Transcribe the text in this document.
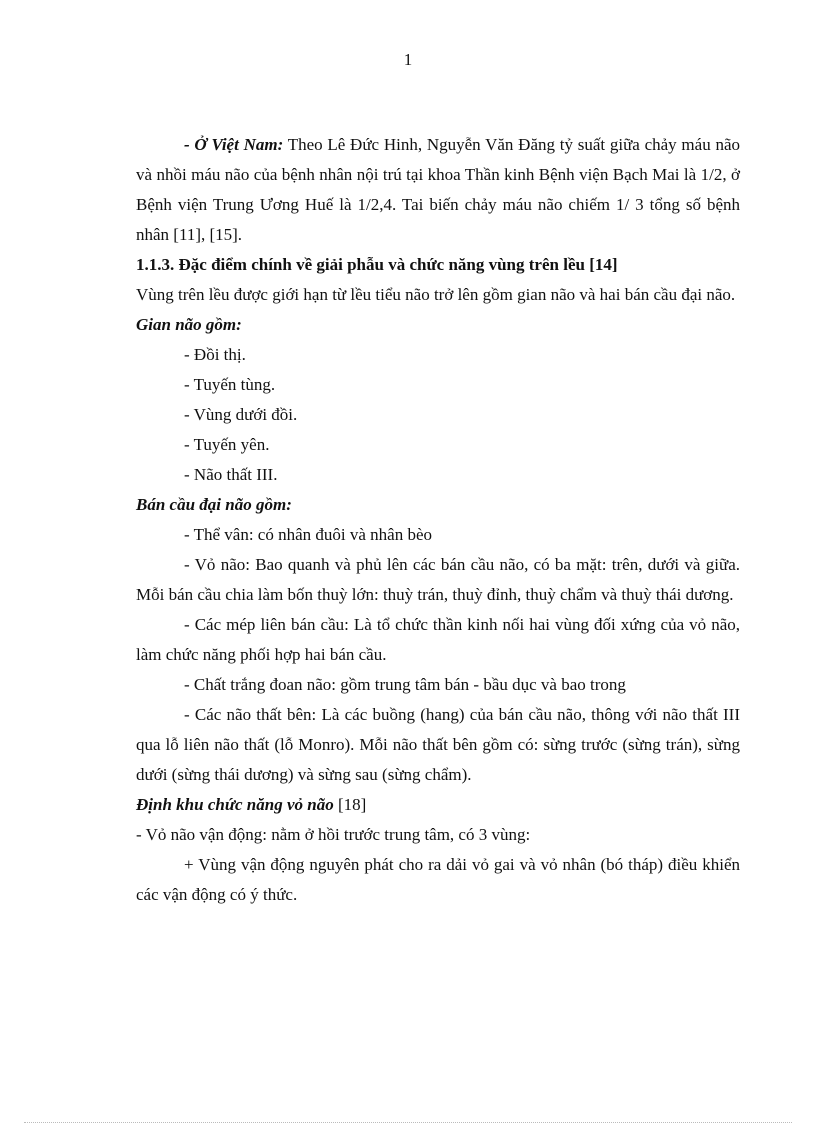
1

- Ở Việt Nam: Theo Lê Đức Hinh, Nguyễn Văn Đăng tỷ suất giữa chảy máu não và nhồi máu não của bệnh nhân nội trú tại khoa Thần kinh Bệnh viện Bạch Mai là 1/2, ở Bệnh viện Trung Ương Huế là 1/2,4. Tai biến chảy máu não chiếm 1/ 3 tổng số bệnh nhân [11], [15].

1.1.3. Đặc điểm chính về giải phẫu và chức năng vùng trên lều [14]

Vùng trên lều được giới hạn từ lều tiểu não trở lên gồm gian não và hai bán cầu đại não.

Gian não gồm:

- Đồi thị.
- Tuyến tùng.
- Vùng dưới đồi.
- Tuyến yên.
- Não thất III.

Bán cầu đại não gồm:

- Thể vân: có nhân đuôi và nhân bèo

- Vỏ não: Bao quanh và phủ lên các bán cầu não, có ba mặt: trên, dưới và giữa. Mỗi bán cầu chia làm bốn thuỳ lớn: thuỳ trán, thuỳ đỉnh, thuỳ chẩm và thuỳ thái dương.

- Các mép liên bán cầu: Là tổ chức thần kinh nối hai vùng đối xứng của vỏ não, làm chức năng phối hợp hai bán cầu.

- Chất trắng đoan não: gồm trung tâm bán - bầu dục và bao trong

- Các não thất bên: Là các buồng (hang) của bán cầu não, thông với não thất III qua lỗ liên não thất (lỗ Monro). Mỗi não thất bên gồm có: sừng trước (sừng trán), sừng dưới (sừng thái dương) và sừng sau (sừng chẩm).

Định khu chức năng vỏ não [18]

- Vỏ não vận động: nằm ở hồi trước trung tâm, có 3 vùng:

+ Vùng vận động nguyên phát cho ra dải vỏ gai và vỏ nhân (bó tháp) điều khiển các vận động có ý thức.
